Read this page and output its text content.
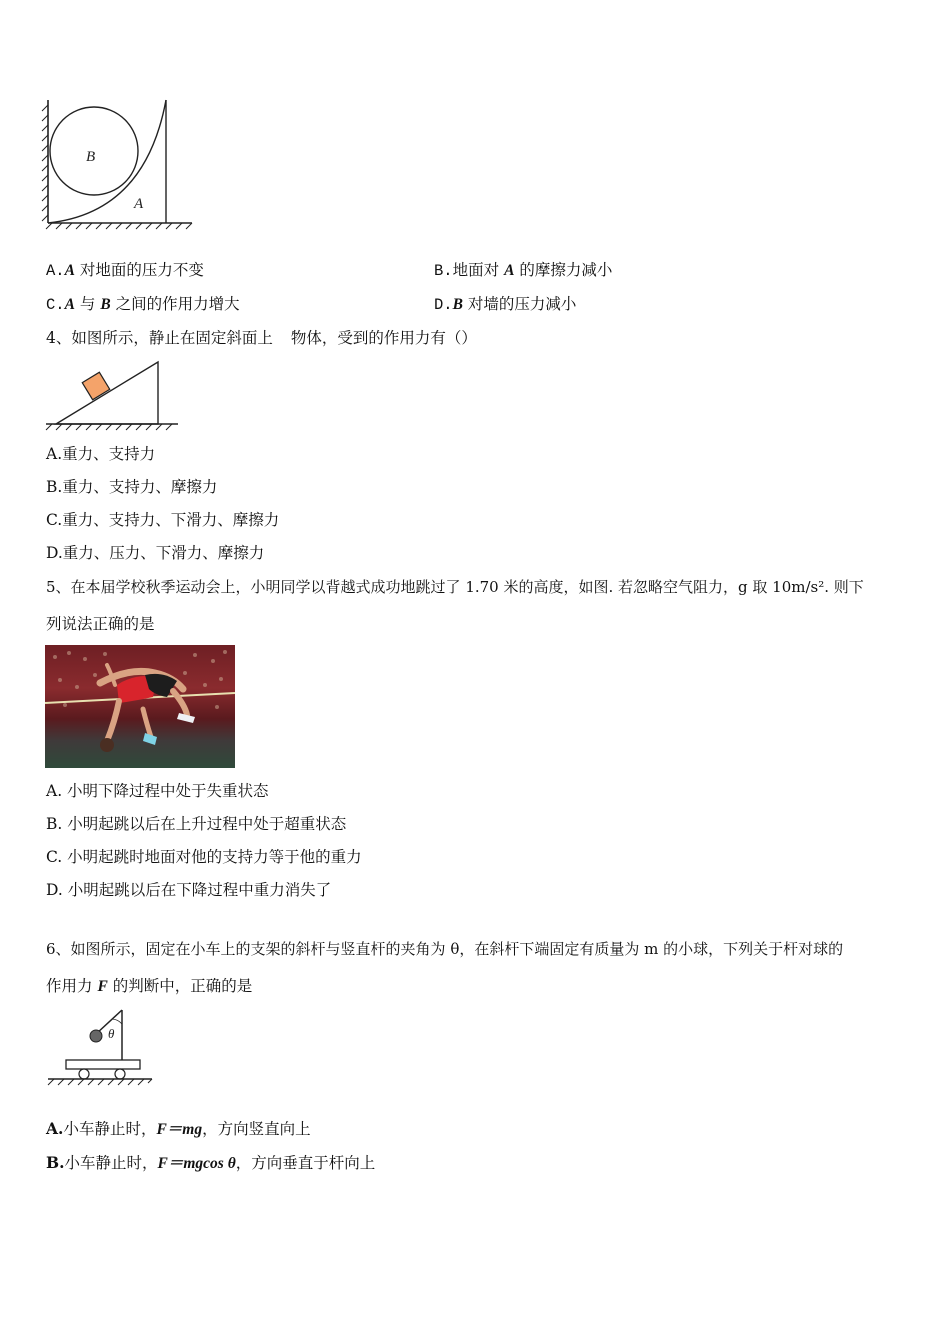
B
A
A.A 对地面的压力不变	B.地面对 A 的摩擦力减小
C.A 与 B 之间的作用力增大	D.B 对墙的压力减小
4、如图所示，静止在固定斜面上 物体，受到的作用力有（）
A.重力、支持力
B.重力、支持力、摩擦力
C.重力、支持力、下滑力、摩擦力
D.重力、压力、下滑力、摩擦力
5、在本届学校秋季运动会上，小明同学以背越式成功地跳过了 1.70 米的高度，如图. 若忽略空气阻力，g 取 10m/s². 则下
列说法正确的是
A. 小明下降过程中处于失重状态
B. 小明起跳以后在上升过程中处于超重状态
C. 小明起跳时地面对他的支持力等于他的重力
D. 小明起跳以后在下降过程中重力消失了
6、如图所示，固定在小车上的支架的斜杆与竖直杆的夹角为 θ，在斜杆下端固定有质量为 m 的小球，下列关于杆对球的
作用力 F 的判断中，正确的是
θ
A.小车静止时，F＝mg，方向竖直向上
B.小车静止时，F＝mgcos θ，方向垂直于杆向上
